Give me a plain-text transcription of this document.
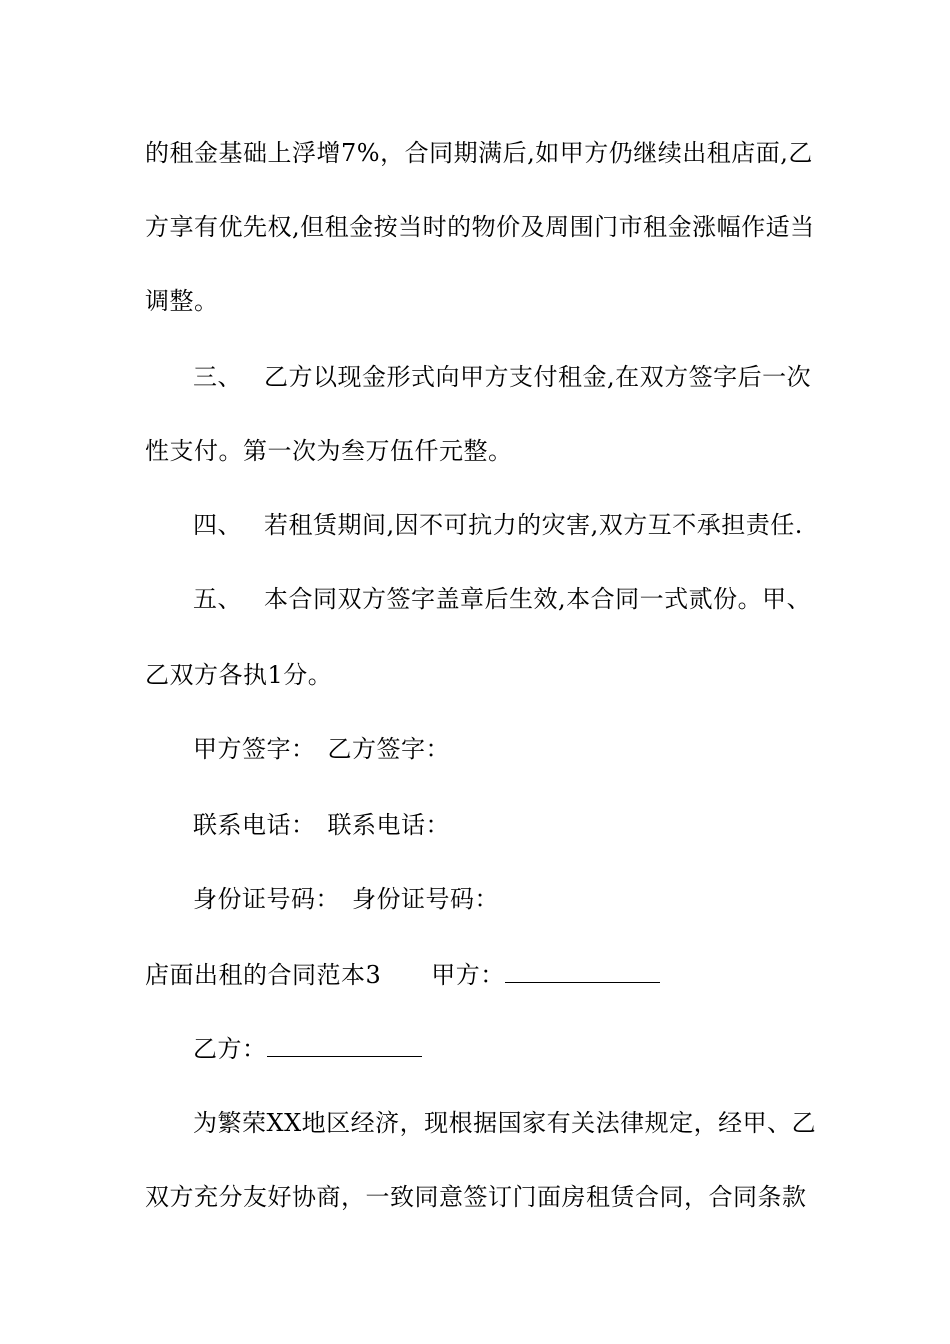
的租金基础上浮增7%，合同期满后,如甲方仍继续出租店面,乙
方享有优先权,但租金按当时的物价及周围门市租金涨幅作适当
调整。
三、 乙方以现金形式向甲方支付租金,在双方签字后一次
性支付。第一次为叁万伍仟元整。
四、 若租赁期间,因不可抗力的灾害,双方互不承担责任.
五、 本合同双方签字盖章后生效,本合同一式贰份。甲、
乙双方各执1分。
甲方签字： 乙方签字：
联系电话： 联系电话：
身份证号码： 身份证号码：
店面出租的合同范本3 甲方：
乙方：
为繁荣XX地区经济，现根据国家有关法律规定，经甲、乙
双方充分友好协商，一致同意签订门面房租赁合同，合同条款
